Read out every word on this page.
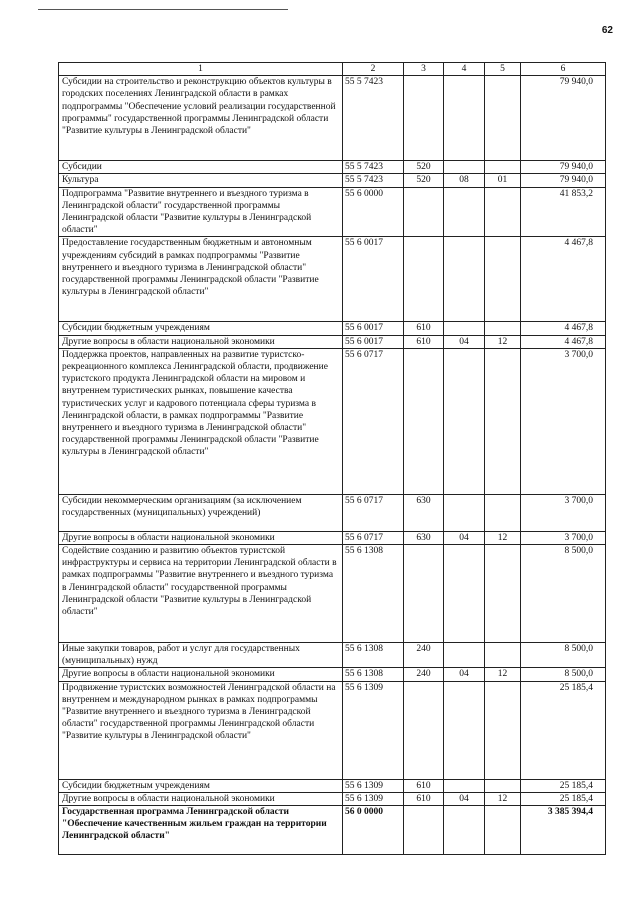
62
1	2	3	4	5	6
Субсидии на строительство и реконструкцию объектов культуры в городских поселениях Ленинградской области в рамках подпрограммы "Обеспечение условий реализации государственной программы" государственной программы Ленинградской области "Развитие культуры в Ленинградской области"	55 5 7423				79 940,0
Субсидии	55 5 7423	520			79 940,0
Культура	55 5 7423	520	08	01	79 940,0
Подпрограмма "Развитие внутреннего и въездного туризма в Ленинградской области" государственной программы Ленинградской области "Развитие культуры в Ленинградской области"	55 6 0000				41 853,2
Предоставление государственным бюджетным и автономным учреждениям субсидий в рамках подпрограммы "Развитие внутреннего и въездного туризма в Ленинградской области" государственной программы Ленинградской области "Развитие культуры в Ленинградской области"	55 6 0017				4 467,8
Субсидии бюджетным учреждениям	55 6 0017	610			4 467,8
Другие вопросы в области национальной экономики	55 6 0017	610	04	12	4 467,8
Поддержка проектов, направленных на развитие туристско-рекреационного комплекса Ленинградской области, продвижение туристского продукта Ленинградской области на мировом и внутреннем туристических рынках, повышение качества туристических услуг и кадрового потенциала сферы туризма в Ленинградской области, в рамках подпрограммы "Развитие внутреннего и въездного туризма в Ленинградской области" государственной программы Ленинградской области "Развитие культуры в Ленинградской области"	55 6 0717				3 700,0
Субсидии некоммерческим организациям (за исключением государственных (муниципальных) учреждений)	55 6 0717	630			3 700,0
Другие вопросы в области национальной экономики	55 6 0717	630	04	12	3 700,0
Содействие созданию и развитию объектов туристской инфраструктуры и сервиса на территории Ленинградской области в рамках подпрограммы "Развитие внутреннего и въездного туризма в Ленинградской области" государственной программы Ленинградской области "Развитие культуры в Ленинградской области"	55 6 1308				8 500,0
Иные закупки товаров, работ и услуг для государственных (муниципальных) нужд	55 6 1308	240			8 500,0
Другие вопросы в области национальной экономики	55 6 1308	240	04	12	8 500,0
Продвижение туристских возможностей Ленинградской области на внутреннем и международном рынках в рамках подпрограммы "Развитие внутреннего и въездного туризма в Ленинградской области" государственной программы Ленинградской области "Развитие культуры в Ленинградской области"	55 6 1309				25 185,4
Субсидии бюджетным учреждениям	55 6 1309	610			25 185,4
Другие вопросы в области национальной экономики	55 6 1309	610	04	12	25 185,4
Государственная программа Ленинградской области "Обеспечение качественным жильем граждан на территории Ленинградской области"	56 0 0000				3 385 394,4
